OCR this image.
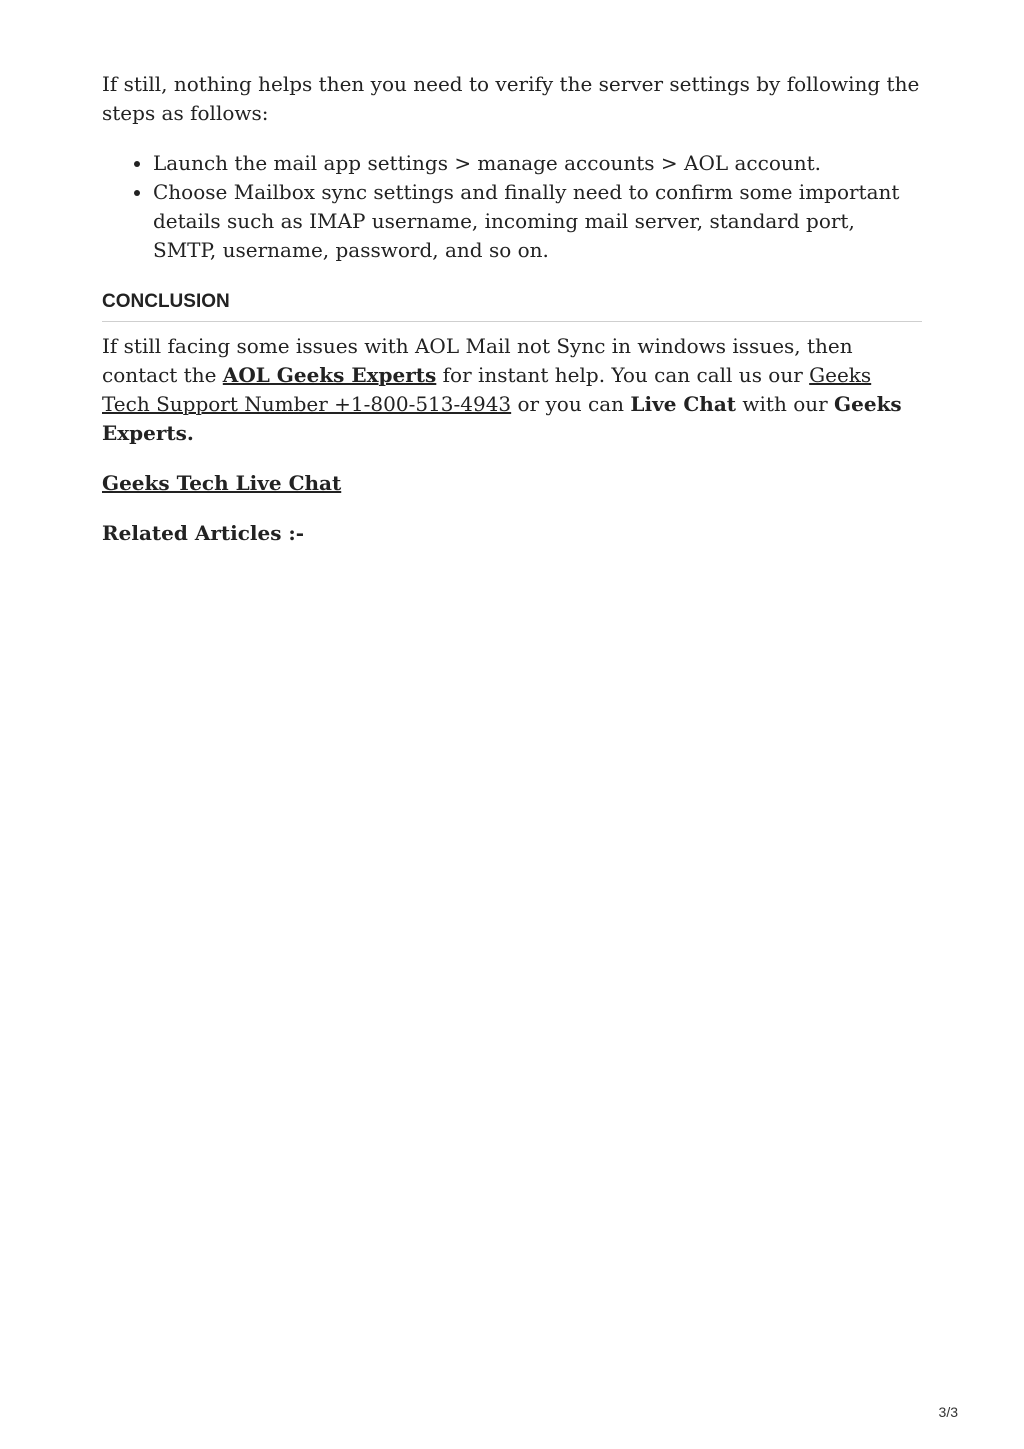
If still, nothing helps then you need to verify the server settings by following the steps as follows:

• Launch the mail app settings > manage accounts > AOL account.
• Choose Mailbox sync settings and finally need to confirm some important details such as IMAP username, incoming mail server, standard port, SMTP, username, password, and so on.
CONCLUSION

If still facing some issues with AOL Mail not Sync in windows issues, then contact the AOL Geeks Experts for instant help. You can call us our Geeks Tech Support Number +1-800-513-4943 or you can Live Chat with our Geeks Experts.

Geeks Tech Live Chat

Related Articles :-

3/3
